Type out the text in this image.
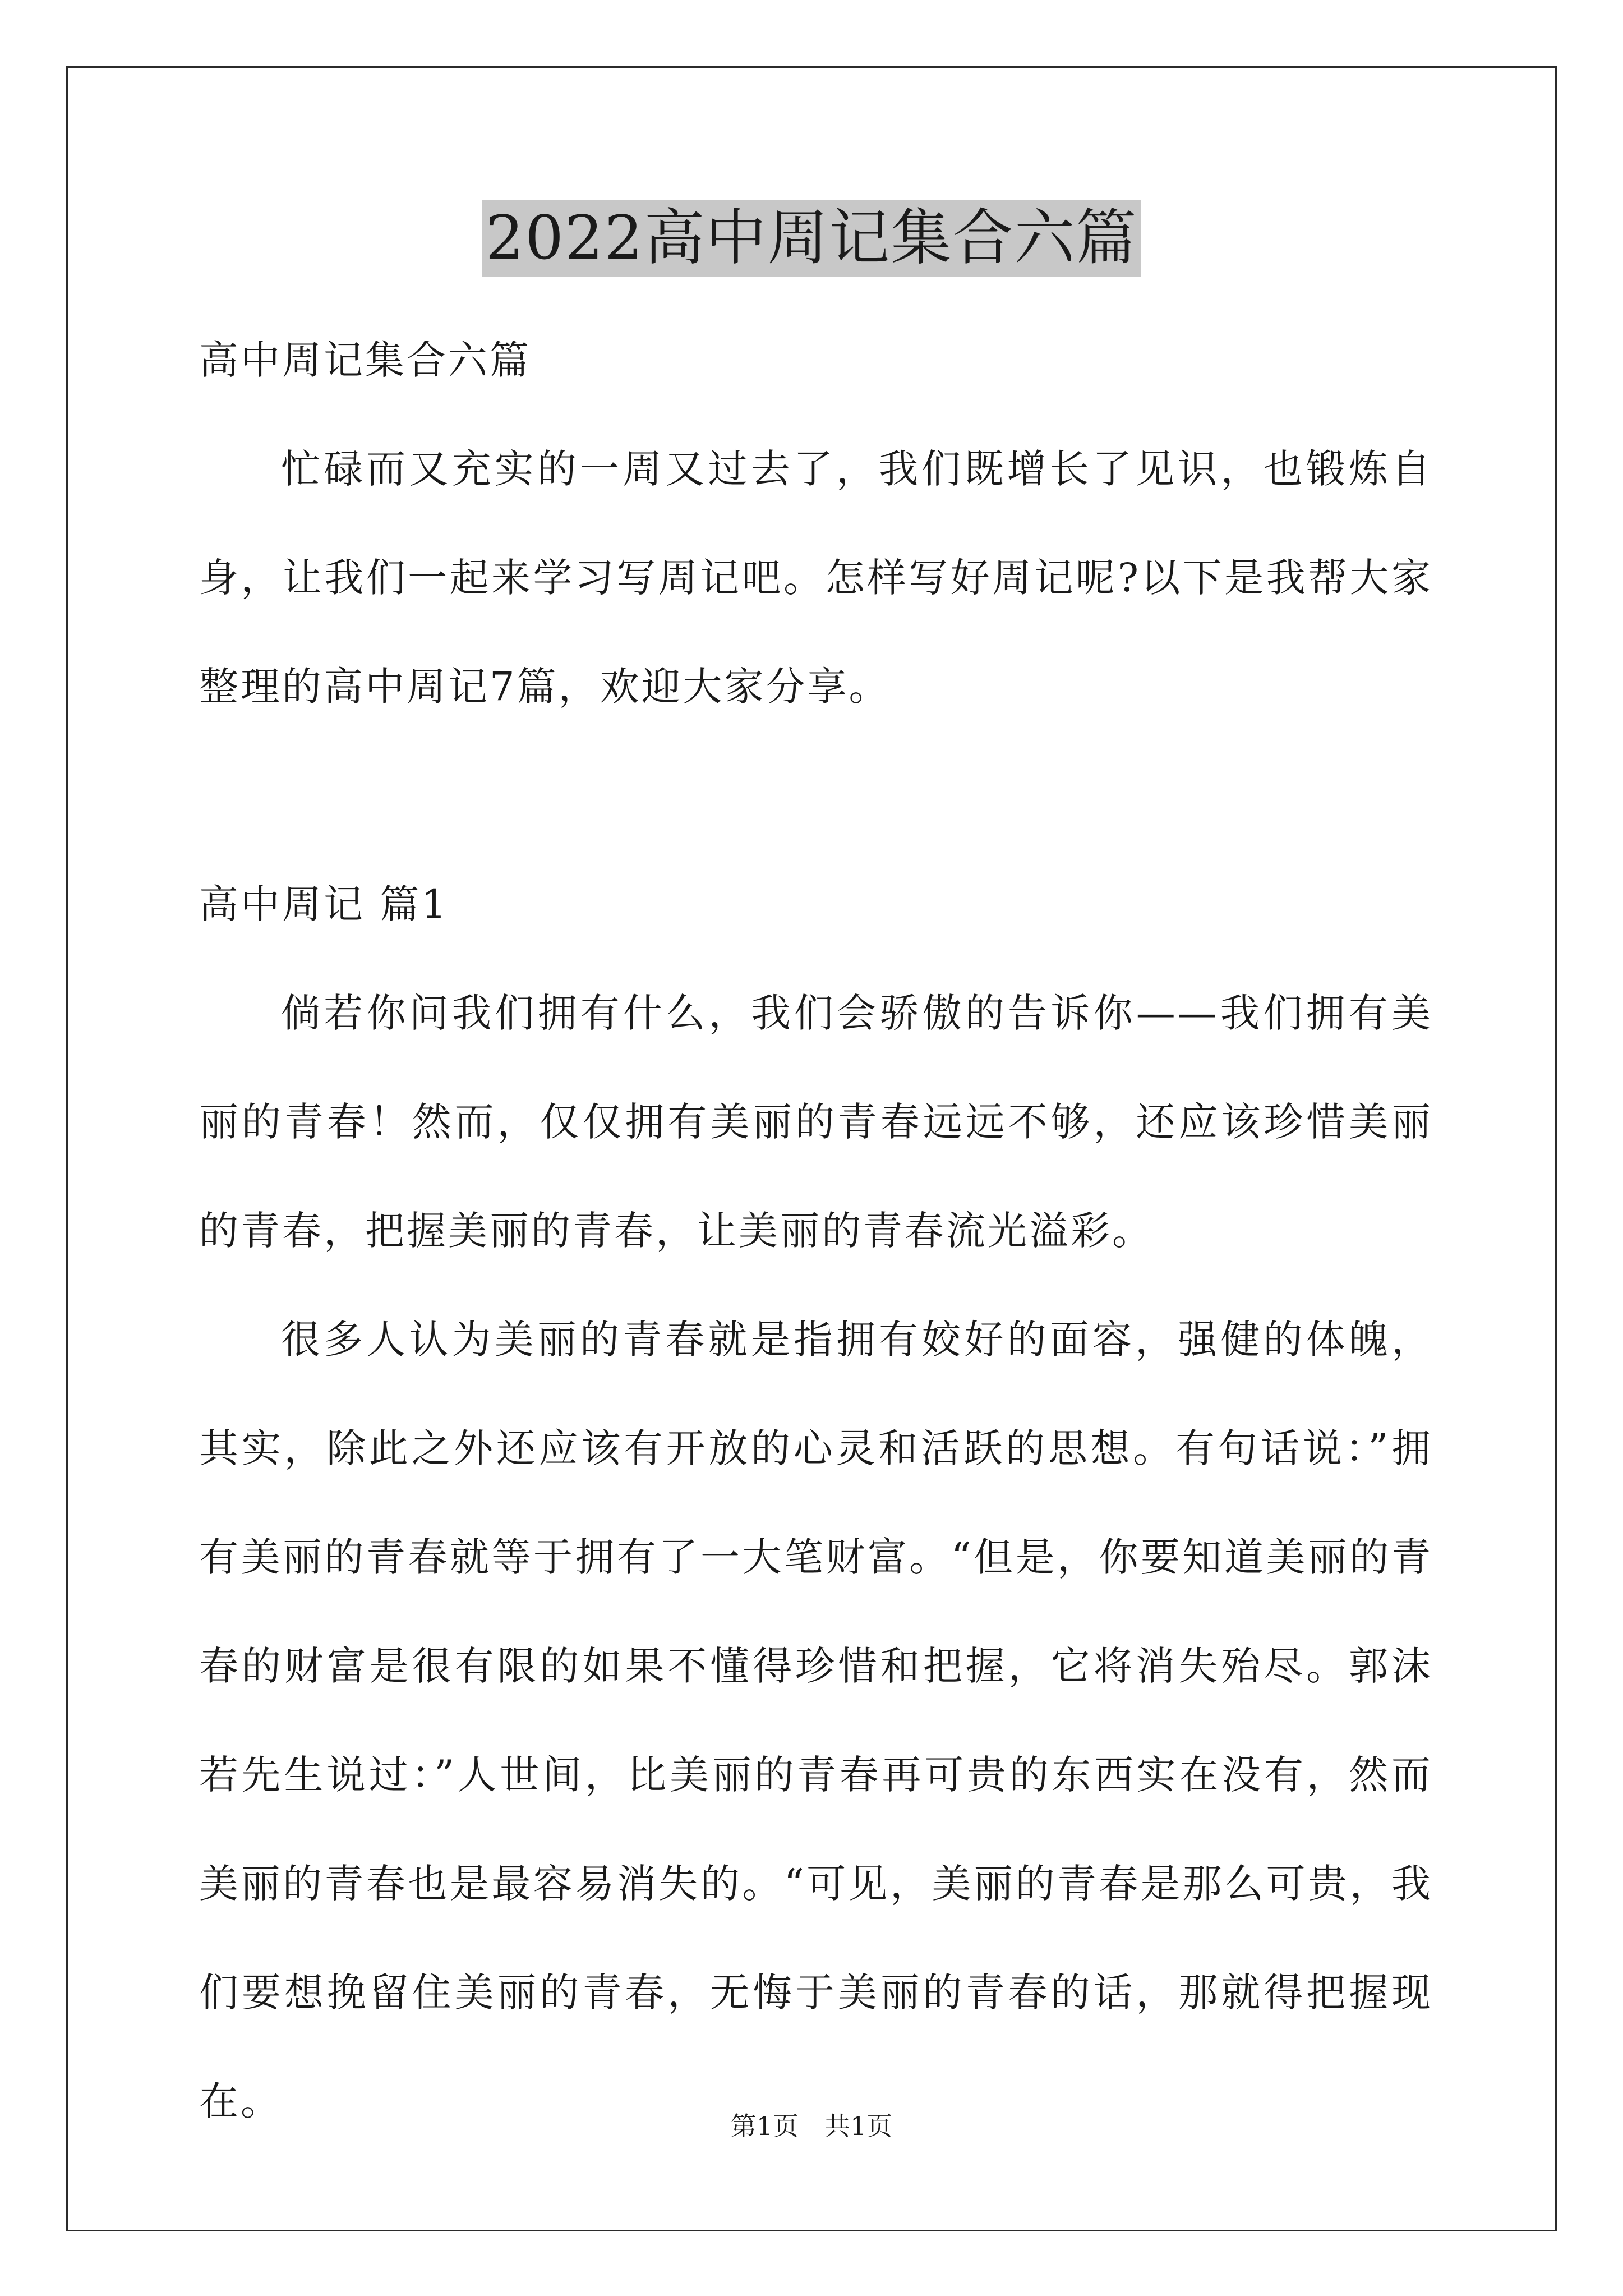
2022高中周记集合六篇

高中周记集合六篇

忙碌而又充实的一周又过去了，我们既增长了见识，也锻炼自身，让我们一起来学习写周记吧。怎样写好周记呢?以下是我帮大家整理的高中周记7篇，欢迎大家分享。

高中周记 篇1

倘若你问我们拥有什么，我们会骄傲的告诉你——我们拥有美丽的青春！然而，仅仅拥有美丽的青春远远不够，还应该珍惜美丽的青春，把握美丽的青春，让美丽的青春流光溢彩。

很多人认为美丽的青春就是指拥有姣好的面容，强健的体魄，其实，除此之外还应该有开放的心灵和活跃的思想。有句话说：”拥有美丽的青春就等于拥有了一大笔财富。“但是，你要知道美丽的青春的财富是很有限的如果不懂得珍惜和把握，它将消失殆尽。郭沫若先生说过：”人世间，比美丽的青春再可贵的东西实在没有，然而美丽的青春也是最容易消失的。“可见，美丽的青春是那么可贵，我们要想挽留住美丽的青春，无悔于美丽的青春的话，那就得把握现在。

第1页　共1页
